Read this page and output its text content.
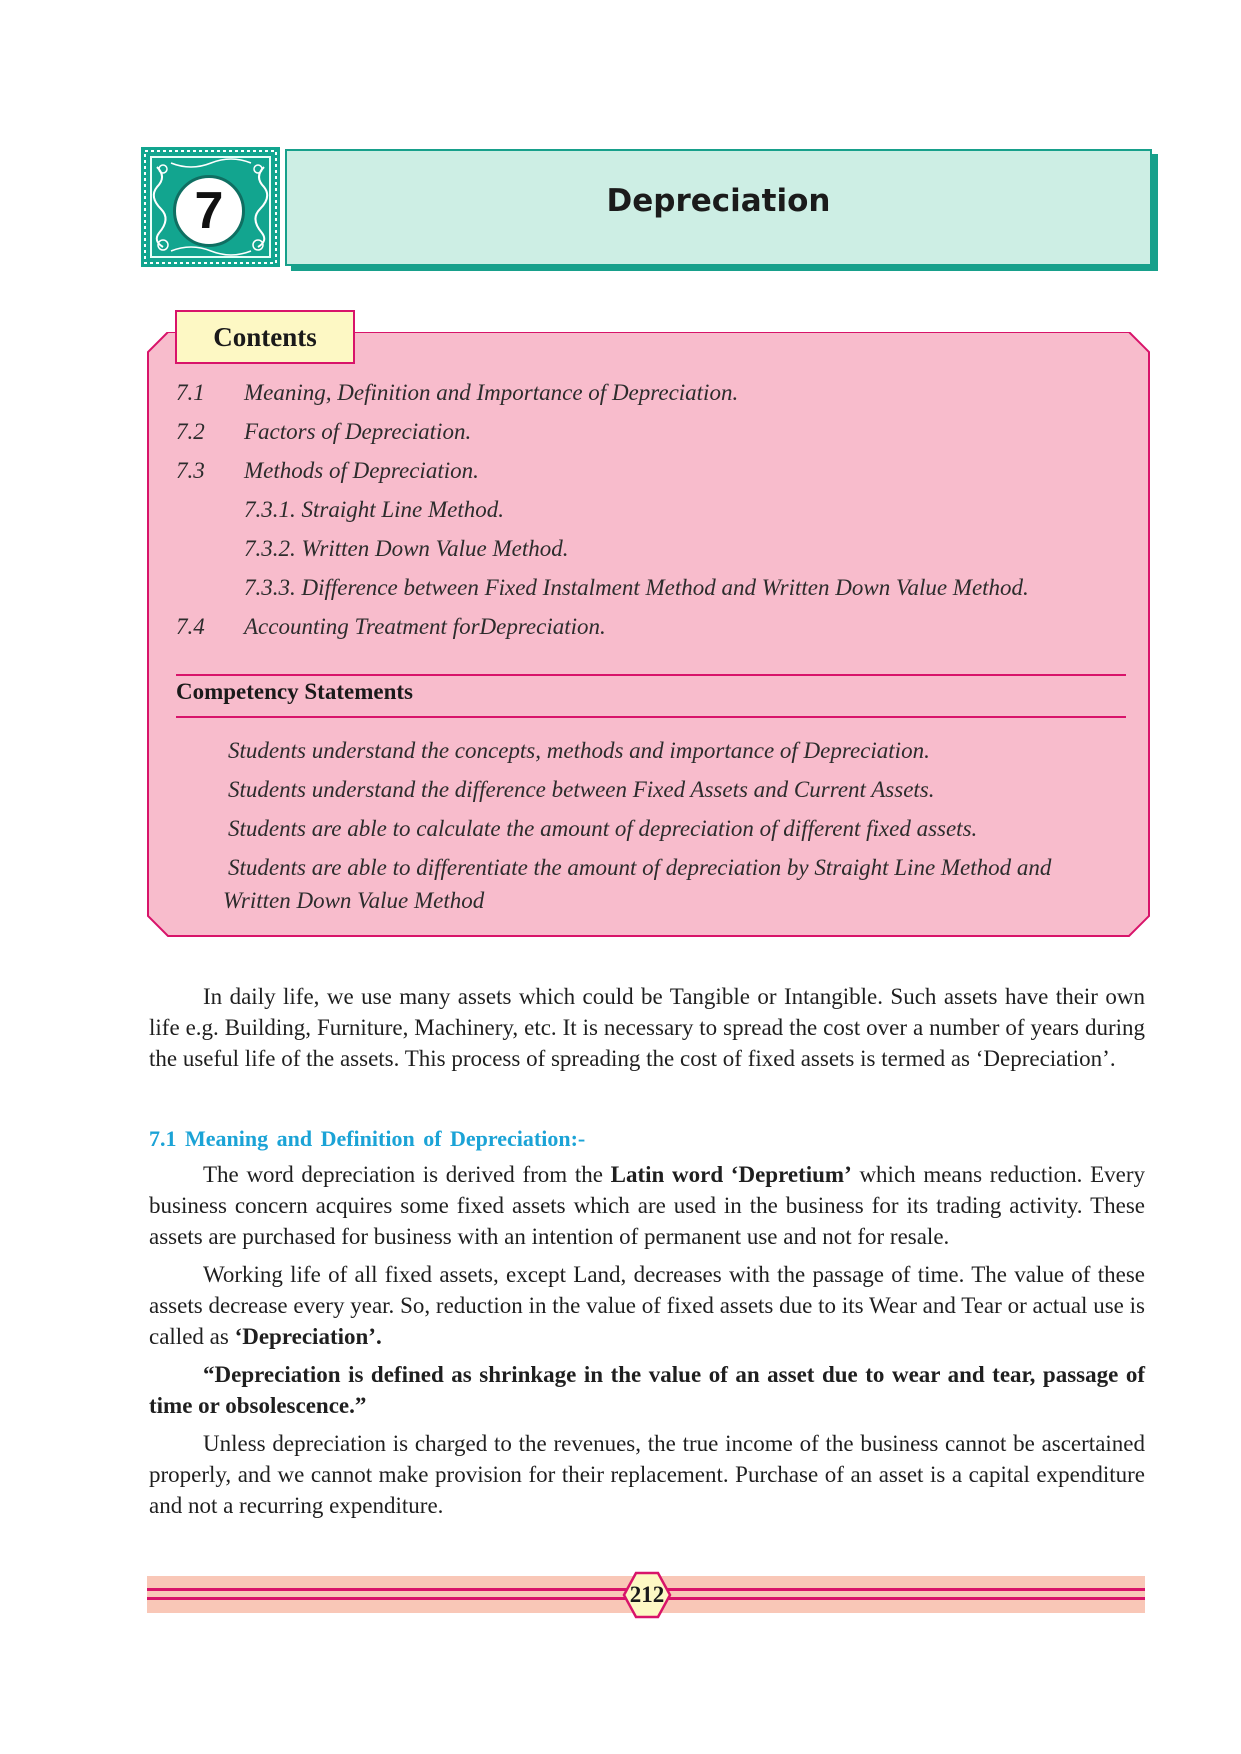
7	Depreciation
Contents
7.1 Meaning, Definition and Importance of Depreciation.
7.2 Factors of Depreciation.
7.3 Methods of Depreciation.
7.3.1. Straight Line Method.
7.3.2. Written Down Value Method.
7.3.3. Difference between Fixed Instalment Method and Written Down Value Method.
7.4 Accounting Treatment forDepreciation.
Competency Statements
Students understand the concepts, methods and importance of Depreciation.
Students understand the difference between Fixed Assets and Current Assets.
Students are able to calculate the amount of depreciation of different fixed assets.
Students are able to differentiate the amount of depreciation by Straight Line Method and
Written Down Value Method

In daily life, we use many assets which could be Tangible or Intangible. Such assets have their own life e.g. Building, Furniture, Machinery, etc. It is necessary to spread the cost over a number of years during the useful life of the assets. This process of spreading the cost of fixed assets is termed as ‘Depreciation’.

7.1 Meaning and Definition of Depreciation:-

The word depreciation is derived from the Latin word ‘Depretium’ which means reduction. Every business concern acquires some fixed assets which are used in the business for its trading activity. These assets are purchased for business with an intention of permanent use and not for resale.

Working life of all fixed assets, except Land, decreases with the passage of time. The value of these assets decrease every year. So, reduction in the value of fixed assets due to its Wear and Tear or actual use is called as ‘Depreciation’.

“Depreciation is defined as shrinkage in the value of an asset due to wear and tear, passage of time or obsolescence.”

Unless depreciation is charged to the revenues, the true income of the business cannot be ascertained properly, and we cannot make provision for their replacement. Purchase of an asset is a capital expenditure and not a recurring expenditure.

212
